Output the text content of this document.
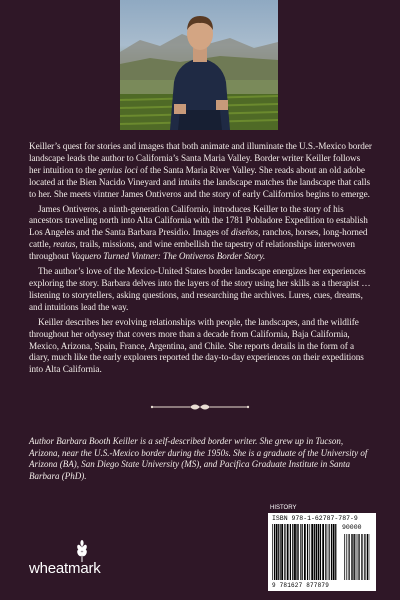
Keiller’s quest for stories and images that both animate and illuminate the U.S.-Mexico border landscape leads the author to California’s Santa Maria Valley. Border writer Keiller follows her intuition to the genius loci of the Santa Maria River Valley. She reads about an old adobe located at the Bien Nacido Vineyard and intuits the landscape matches the landscape that calls to her. She meets vintner James Ontiveros and the story of early Californios begins to emerge.

James Ontiveros, a ninth-generation Californio, introduces Keiller to the story of his ancestors traveling north into Alta California with the 1781 Pobladore Expedition to establish Los Angeles and the Santa Barbara Presidio. Images of diseños, ranchos, horses, long-horned cattle, reatas, trails, missions, and wine embellish the tapestry of relationships interwoven throughout Vaquero Turned Vintner: The Ontiveros Border Story.

The author’s love of the Mexico-United States border landscape energizes her experiences exploring the story. Barbara delves into the layers of the story using her skills as a therapist … listening to storytellers, asking questions, and researching the archives. Lures, cues, dreams, and intuitions lead the way.

Keiller describes her evolving relationships with people, the landscapes, and the wildlife throughout her odyssey that covers more than a decade from California, Baja California, Mexico, Arizona, Spain, France, Argentina, and Chile. She reports details in the form of a diary, much like the early explorers reported the day-to-day experiences on their expeditions into Alta California.

Author Barbara Booth Keiller is a self-described border writer. She grew up in Tucson, Arizona, near the U.S.-Mexico border during the 1950s. She is a graduate of the University of Arizona (BA), San Diego State University (MS), and Pacifica Graduate Institute in Santa Barbara (PhD).
HISTORY
ISBN 978-1-62787-787-9
90000
9 781627 877879
wheatmark
